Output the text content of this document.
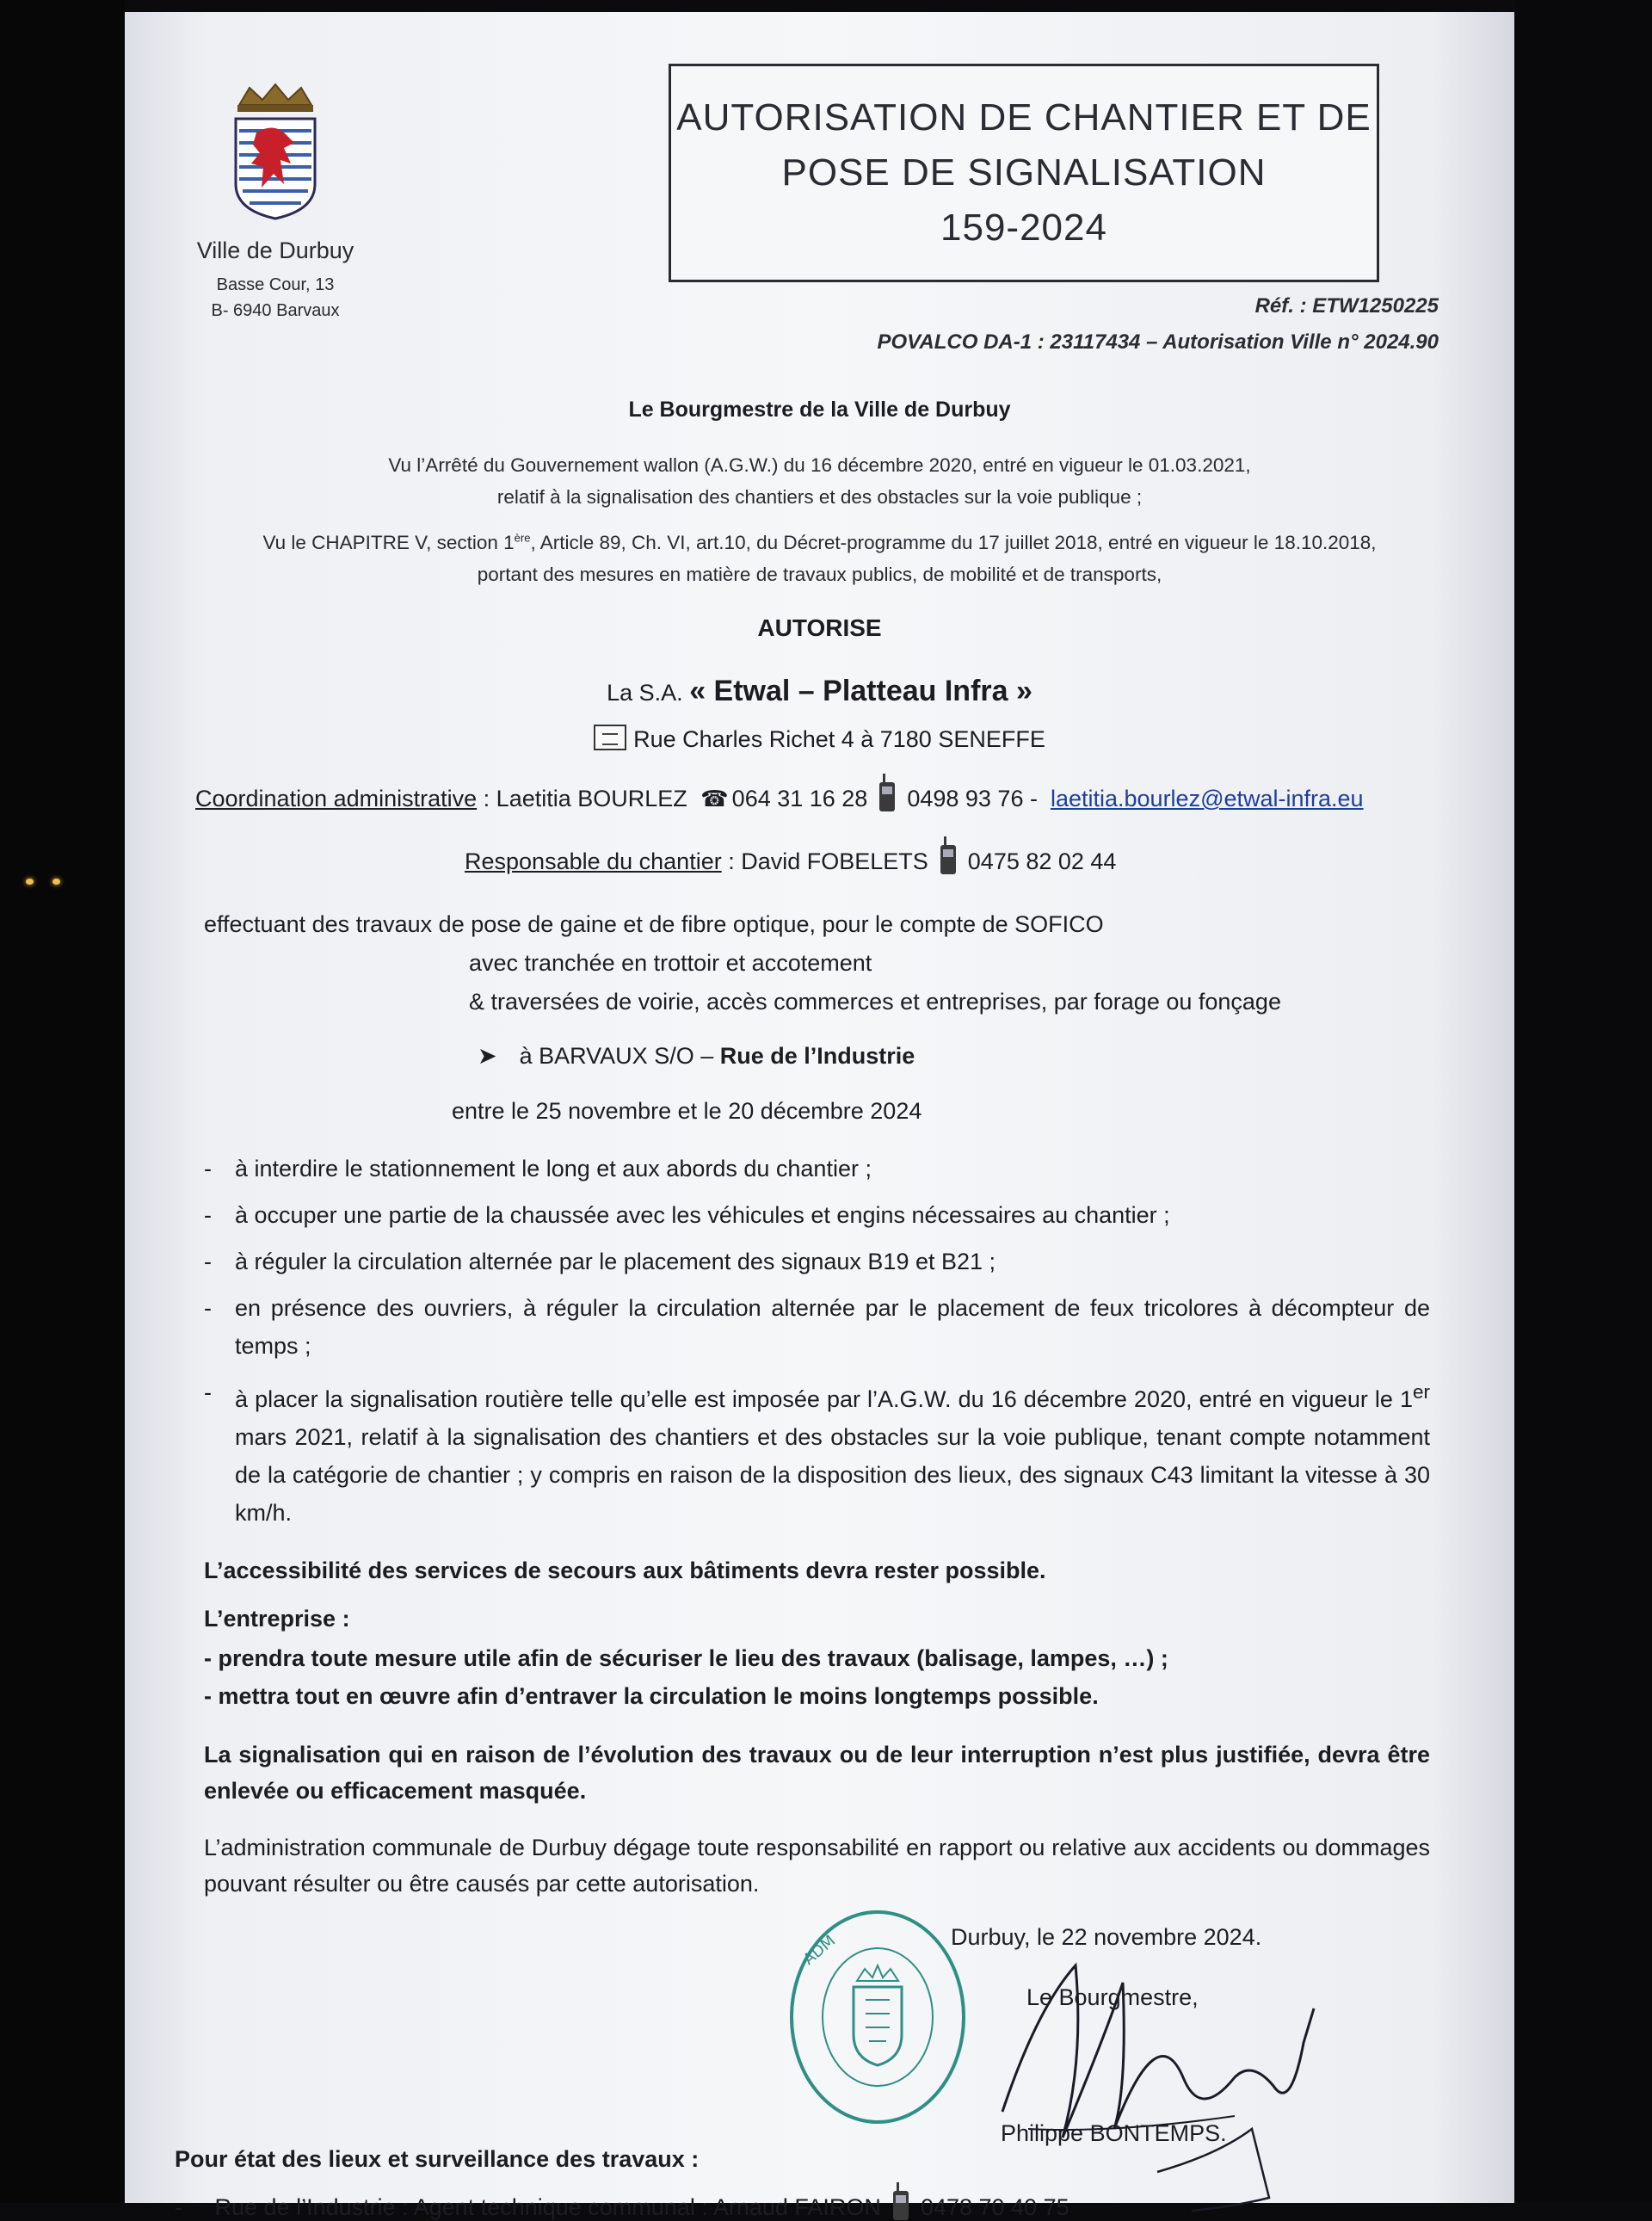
Ville de Durbuy
Basse Cour, 13
B- 6940 Barvaux
AUTORISATION DE CHANTIER ET DE
POSE DE SIGNALISATION
159-2024
Réf. : ETW1250225
POVALCO DA-1 : 23117434 – Autorisation Ville n° 2024.90
Le Bourgmestre de la Ville de Durbuy
Vu l’Arrêté du Gouvernement wallon (A.G.W.) du 16 décembre 2020, entré en vigueur le 01.03.2021,
relatif à la signalisation des chantiers et des obstacles sur la voie publique ;
Vu le CHAPITRE V, section 1ère, Article 89, Ch. VI, art.10, du Décret-programme du 17 juillet 2018, entré en vigueur le 18.10.2018,
portant des mesures en matière de travaux publics, de mobilité et de transports,
AUTORISE
La S.A. « Etwal – Platteau Infra »
Rue Charles Richet 4 à 7180 SENEFFE
Coordination administrative : Laetitia BOURLEZ ☎ 064 31 16 28 0498 93 76 - laetitia.bourlez@etwal-infra.eu
Responsable du chantier : David FOBELETS 0475 82 02 44
effectuant des travaux de pose de gaine et de fibre optique, pour le compte de SOFICO
avec tranchée en trottoir et accotement
& traversées de voirie, accès commerces et entreprises, par forage ou fonçage
➤ à BARVAUX S/O – Rue de l’Industrie
entre le 25 novembre et le 20 décembre 2024
-	à interdire le stationnement le long et aux abords du chantier ;
-	à occuper une partie de la chaussée avec les véhicules et engins nécessaires au chantier ;
-	à réguler la circulation alternée par le placement des signaux B19 et B21 ;
-	en présence des ouvriers, à réguler la circulation alternée par le placement de feux tricolores à décompteur de temps ;
-	à placer la signalisation routière telle qu’elle est imposée par l’A.G.W. du 16 décembre 2020, entré en vigueur le 1er mars 2021, relatif à la signalisation des chantiers et des obstacles sur la voie publique, tenant compte notamment de la catégorie de chantier ; y compris en raison de la disposition des lieux, des signaux C43 limitant la vitesse à 30 km/h.
L’accessibilité des services de secours aux bâtiments devra rester possible.
L’entreprise :
- prendra toute mesure utile afin de sécuriser le lieu des travaux (balisage, lampes, …) ;
- mettra tout en œuvre afin d’entraver la circulation le moins longtemps possible.
La signalisation qui en raison de l’évolution des travaux ou de leur interruption n’est plus justifiée, devra être enlevée ou efficacement masquée.
L’administration communale de Durbuy dégage toute responsabilité en rapport ou relative aux accidents ou dommages pouvant résulter ou être causés par cette autorisation.
ADM	Durbuy, le 22 novembre 2024.
Le Bourgmestre,
Philippe BONTEMPS.
Pour état des lieux et surveillance des travaux :
-     Rue de l’Industrie : Agent technique communal : Arnaud FAIRON 0478 70 40 75
